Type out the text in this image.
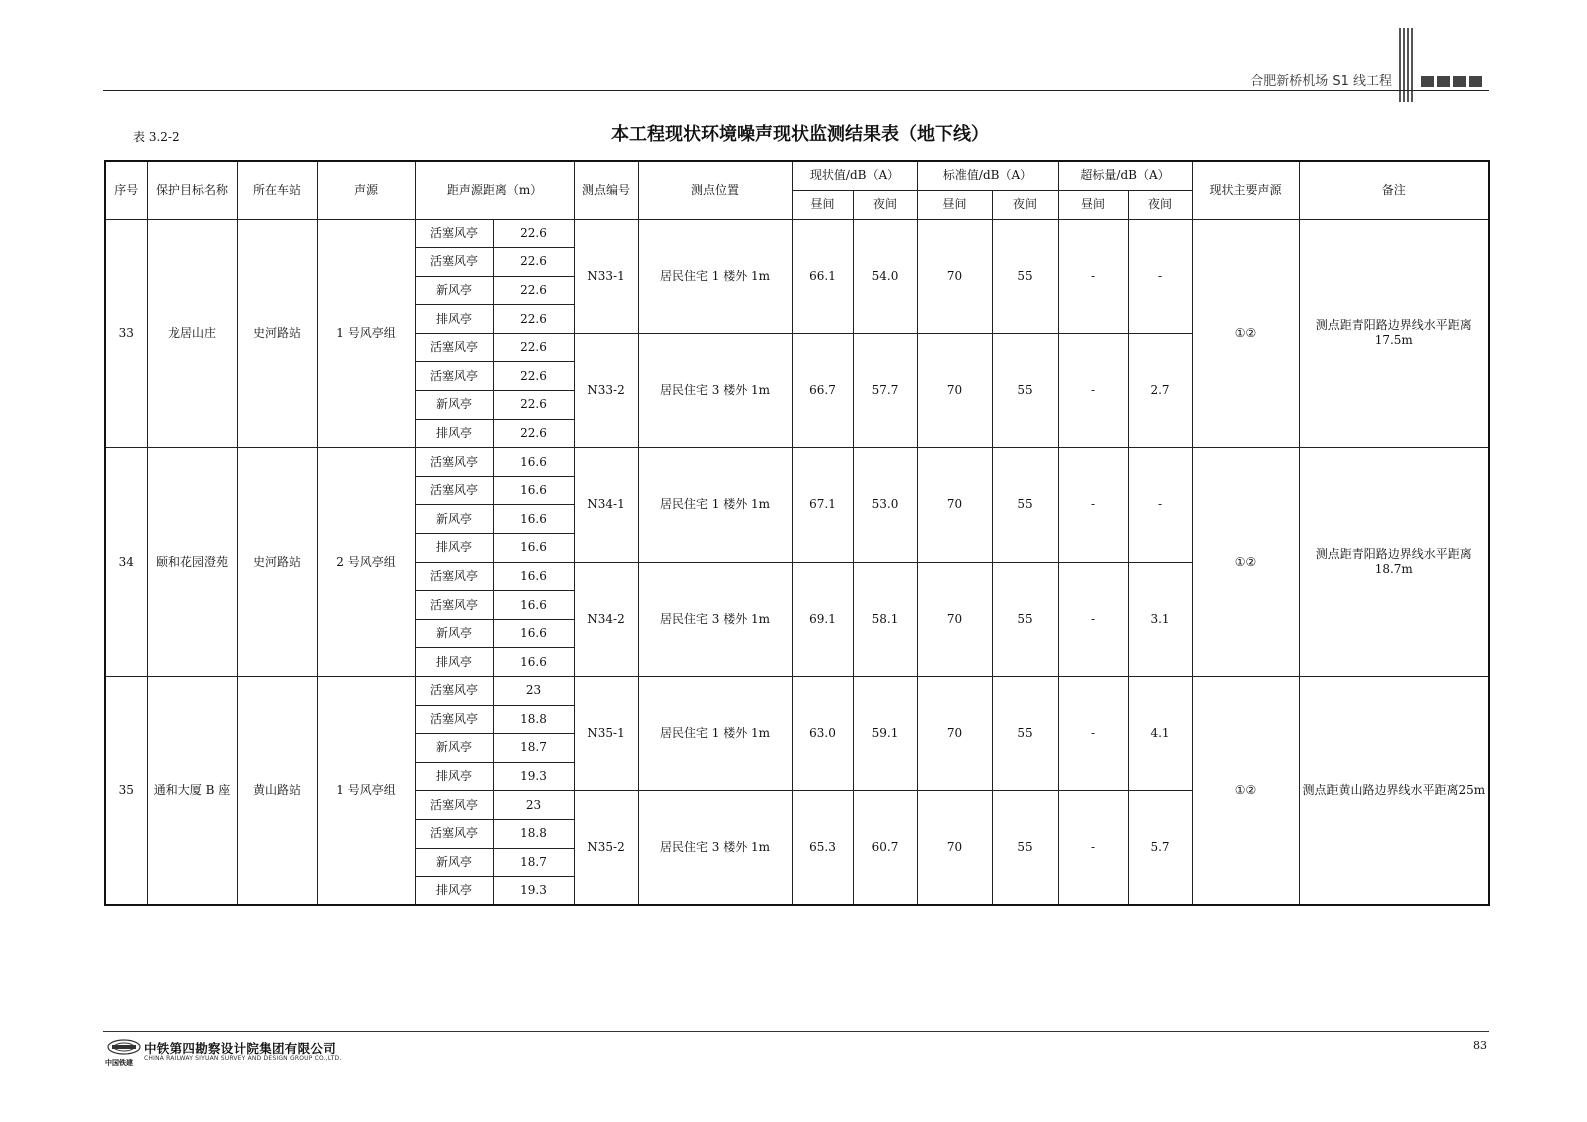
合肥新桥机场 S1 线工程
表 3.2-2	本工程现状环境噪声现状监测结果表（地下线）
序号	保护目标名称	所在车站	声源	距声源距离（m）		测点编号	测点位置	现状值/dB（A）		标准值/dB（A）		超标量/dB（A）		现状主要声源	备注
								昼间	夜间	昼间	夜间	昼间	夜间		
33	龙居山庄	史河路站	1 号风亭组	活塞风亭	22.6	N33-1	居民住宅 1 楼外 1m	66.1	54.0	70	55	-	-	①②	测点距青阳路边界线水平距离17.5m
				活塞风亭	22.6										
				新风亭	22.6										
				排风亭	22.6										
				活塞风亭	22.6	N33-2	居民住宅 3 楼外 1m	66.7	57.7	70	55	-	2.7		
				活塞风亭	22.6										
				新风亭	22.6										
				排风亭	22.6										
34	颐和花园澄苑	史河路站	2 号风亭组	活塞风亭	16.6	N34-1	居民住宅 1 楼外 1m	67.1	53.0	70	55	-	-	①②	测点距青阳路边界线水平距离18.7m
				活塞风亭	16.6										
				新风亭	16.6										
				排风亭	16.6										
				活塞风亭	16.6	N34-2	居民住宅 3 楼外 1m	69.1	58.1	70	55	-	3.1		
				活塞风亭	16.6										
				新风亭	16.6										
				排风亭	16.6										
35	通和大厦 B 座	黄山路站	1 号风亭组	活塞风亭	23	N35-1	居民住宅 1 楼外 1m	63.0	59.1	70	55	-	4.1	①②	测点距黄山路边界线水平距离25m
				活塞风亭	18.8										
				新风亭	18.7										
				排风亭	19.3										
				活塞风亭	23	N35-2	居民住宅 3 楼外 1m	65.3	60.7	70	55	-	5.7		
				活塞风亭	18.8										
				新风亭	18.7										
				排风亭	19.3										
中国铁建
中铁第四勘察设计院集团有限公司
CHINA RAILWAY SIYUAN SURVEY AND DESIGN GROUP CO.,LTD.
83
